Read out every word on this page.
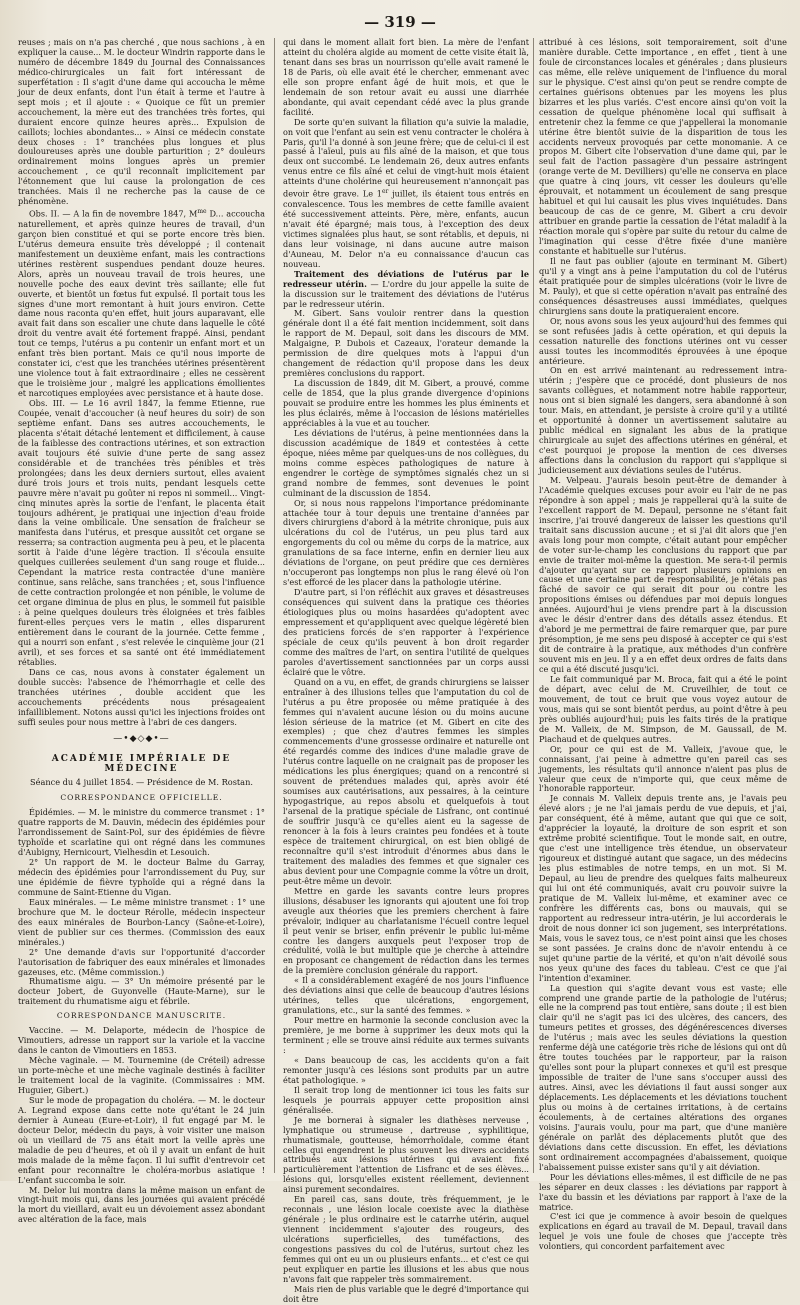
— 319 —

reuses ; mais on n'a pas cherché , que nous sachions , à en expliquer la cause... M. le docteur Windrin rapporte dans le numéro de décembre 1849 du Journal des Connaissances médico-chirurgicales un fait fort intéressant de superfétation : Il s'agit d'une dame qui accoucha le même jour de deux enfants, dont l'un était à terme et l'autre à sept mois ; et il ajoute : « Quoique ce fût un premier accouchement, la mère eut des tranchées très fortes, qui duraient encore quinze heures après... Expulsion de caillots; lochies abondantes... » Ainsi ce médecin constate deux choses : 1° tranchées plus longues et plus douloureuses après une double parturition ; 2° douleurs ordinairement moins longues après un premier accouchement , ce qu'il reconnaît implicitement par l'étonnement que lui cause la prolongation de ces tranchées. Mais il ne recherche pas la cause de ce phénomène.

Obs. II. — A la fin de novembre 1847, $M^{me}$ D... accoucha naturellement, et après quinze heures de travail, d'un garçon bien constitué et qui se porte encore très bien. L'utérus demeura ensuite très développé ; il contenait manifestement un deuxième enfant, mais les contractions utérines restèrent suspendues pendant douze heures. Alors, après un nouveau travail de trois heures, une nouvelle poche des eaux devint très saillante; elle fut ouverte, et bientôt un fœtus fut expulsé. Il portait tous les signes d'une mort remontant à huit jours environ. Cette dame nous raconta qu'en effet, huit jours auparavant, elle avait fait dans son escalier une chute dans laquelle le côté droit du ventre avait été fortement frappé. Ainsi, pendant tout ce temps, l'utérus a pu contenir un enfant mort et un enfant très bien portant. Mais ce qu'il nous importe de constater ici, c'est que les tranchées utérines présentèrent une violence tout à fait extraordinaire ; elles ne cessèrent que le troisième jour , malgré les applications émollientes et narcotiques employées avec persistance et à haute dose.

Obs. III. — Le 16 avril 1847, la femme Etienne, rue Coupée, venait d'accoucher (à neuf heures du soir) de son septième enfant. Dans ses autres accouchements, le placenta s'était détaché lentement et difficilement, à cause de la faiblesse des contractions utérines, et son extraction avait toujours été suivie d'une perte de sang assez considérable et de tranchées très pénibles et très prolongées; dans les deux derniers surtout, elles avaient duré trois jours et trois nuits, pendant lesquels cette pauvre mère n'avait pu goûter ni repos ni sommeil... Vingt-cinq minutes après la sortie de l'enfant, le placenta était toujours adhérent, je pratiquai une injection d'eau froide dans la veine ombilicale. Une sensation de fraîcheur se manifesta dans l'utérus, et presque aussitôt cet organe se resserra; sa contraction augmenta peu à peu, et le placenta sortit à l'aide d'une légère traction. Il s'écoula ensuite quelques cuillerées seulement d'un sang rouge et fluide... Cependant la matrice resta contractée d'une manière continue, sans relâche, sans tranchées ; et, sous l'influence de cette contraction prolongée et non pénible, le volume de cet organe diminua de plus en plus, le sommeil fut paisible : à peine quelques douleurs très éloignées et très faibles furent-elles perçues vers le matin , elles disparurent entièrement dans le courant de la journée. Cette femme , qui a nourri son enfant , s'est relevée le cinquième jour (21 avril), et ses forces et sa santé ont été immédiatement rétablies.

Dans ce cas, nous avons à constater également un double succès: l'absence de l'hémorrhagie et celle des tranchées utérines , double accident que les accouchements précédents nous présageaient infailliblement. Notons aussi qu'ici les injections froides ont suffi seules pour nous mettre à l'abri de ces dangers.

—•◆◇◆•—
ACADÉMIE IMPÉRIALE DE MÉDECINE
Séance du 4 juillet 1854. — Présidence de M. Rostan.
CORRESPONDANCE OFFICIELLE.

Épidémies. — M. le ministre du commerce transmet : 1° quatre rapports de M. Dauvin, médecin des épidémies pour l'arrondissement de Saint-Pol, sur des épidémies de fièvre typhoïde et scarlatine qui ont régné dans les communes d'Aubigny, Hernicourt, Vielhesdin et Lesouich.

2° Un rapport de M. le docteur Balme du Garray, médecin des épidémies pour l'arrondissement du Puy, sur une épidémie de fièvre typhoïde qui a régné dans la commune de Saint-Etienne du Vigan.

Eaux minérales. — Le même ministre transmet : 1° une brochure que M. le docteur Rérolle, médecin inspecteur des eaux minérales de Bourbon-Lancy (Saône-et-Loire), vient de publier sur ces thermes. (Commission des eaux minérales.)

2° Une demande d'avis sur l'opportunité d'accorder l'autorisation de fabriquer des eaux minérales et limonades gazeuses, etc. (Même commission.)

Rhumatisme aigu. — 3° Un mémoire présenté par le docteur Jobert, de Guyonvelle (Haute-Marne), sur le traitement du rhumatisme aigu et fébrile.

CORRESPONDANCE MANUSCRITE.

Vaccine. — M. Delaporte, médecin de l'hospice de Vimoutiers, adresse un rapport sur la variole et la vaccine dans le canton de Vimoutiers en 1853.

Mèche vaginale. — M. Tournemine (de Créteil) adresse un porte-mèche et une mèche vaginale destinés à faciliter le traitement local de la vaginite. (Commissaires : MM. Huguier, Gibert.)

Sur le mode de propagation du choléra. — M. le docteur A. Legrand expose dans cette note qu'étant le 24 juin dernier à Auneau (Eure-et-Loir), il fut engagé par M. le docteur Delor, médecin du pays, à voir visiter une maison où un vieillard de 75 ans était mort la veille après une maladie de peu d'heures, et où il y avait un enfant de huit mois malade de la même façon. Il lui suffit d'entrevoir cet enfant pour reconnaître le choléra-morbus asiatique ! L'enfant succomba le soir.

M. Delor lui montra dans la même maison un enfant de vingt-huit mois qui, dans les journées qui avaient précédé la mort du vieillard, avait eu un dévoiement assez abondant avec altération de la face, mais

qui dans le moment allait fort bien. La mère de l'enfant atteint du choléra algide au moment de cette visite était là, tenant dans ses bras un nourrisson qu'elle avait ramené le 18 de Paris, où elle avait été le chercher, emmenant avec elle son propre enfant âgé de huit mois, et que le lendemain de son retour avait eu aussi une diarrhée abondante, qui avait cependant cédé avec la plus grande facilité.

De sorte qu'en suivant la filiation qu'a suivie la maladie, on voit que l'enfant au sein est venu contracter le choléra à Paris, qu'il l'a donné à son jeune frère; que de celui-ci il est passé à l'aïeul, puis au fils aîné de la maison, et que tous deux ont succombé. Le lendemain 26, deux autres enfants venus entre ce fils aîné et celui de vingt-huit mois étaient atteints d'une cholérine qui heureusement n'annonçait pas devoir être grave. Le 1er juillet, ils étaient tous entrés en convalescence. Tous les membres de cette famille avaient été successivement atteints. Père, mère, enfants, aucun n'avait été épargné; mais tous, à l'exception des deux victimes signalées plus haut, se sont rétablis, et depuis, ni dans leur voisinage, ni dans aucune autre maison d'Auneau, M. Delor n'a eu connaissance d'aucun cas nouveau.

Traitement des déviations de l'utérus par le redresseur utérin. — L'ordre du jour appelle la suite de la discussion sur le traitement des déviations de l'utérus par le redresseur utérin.

M. Gibert. Sans vouloir rentrer dans la question générale dont il a été fait mention incidemment, soit dans le rapport de M. Depaul, soit dans les discours de MM. Malgaigne, P. Dubois et Cazeaux, l'orateur demande la permission de dire quelques mots à l'appui d'un changement de rédaction qu'il propose dans les deux premières conclusions du rapport.

La discussion de 1849, dit M. Gibert, a prouvé, comme celle de 1854, que la plus grande divergence d'opinions pouvait se produire entre les hommes les plus éminents et les plus éclairés, même à l'occasion de lésions matérielles appréciables à la vue et au toucher.

Les déviations de l'utérus, à peine mentionnées dans la discussion académique de 1849 et contestées à cette époque, niées même par quelques-uns de nos collègues, du moins comme espèces pathologiques de nature à engendrer le cortège de symptômes signalés chez un si grand nombre de femmes, sont devenues le point culminant de la discussion de 1854.

Or, si nous nous rappelons l'importance prédominante attachée tour à tour depuis une trentaine d'années par divers chirurgiens d'abord à la métrite chronique, puis aux ulcérations du col de l'utérus, un peu plus tard aux engorgements du col ou même du corps de la matrice, aux granulations de sa face interne, enfin en dernier lieu aux déviations de l'organe, on peut prédire que ces dernières n'occuperont pas longtemps non plus le rang élevé où l'on s'est efforcé de les placer dans la pathologie utérine.

D'autre part, si l'on réfléchit aux graves et désastreuses conséquences qui suivent dans la pratique ces théories étiologiques plus ou moins hasardées qu'adoptent avec empressement et qu'appliquent avec quelque légèreté bien des praticiens forcés de s'en rapporter à l'expérience spéciale de ceux qu'ils peuvent à bon droit regarder comme des maîtres de l'art, on sentira l'utilité de quelques paroles d'avertissement sanctionnées par un corps aussi éclairé que le vôtre.

Quand on a vu, en effet, de grands chirurgiens se laisser entraîner à des illusions telles que l'amputation du col de l'utérus a pu être proposée ou même pratiquée à des femmes qui n'avaient aucune lésion ou du moins aucune lésion sérieuse de la matrice (et M. Gibert en cite des exemples) ; que chez d'autres femmes les simples commencements d'une grossesse ordinaire et naturelle ont été regardés comme des indices d'une maladie grave de l'utérus contre laquelle on ne craignait pas de proposer les médications les plus énergiques; quand on a rencontré si souvent de prétendues malades qui, après avoir été soumises aux cautérisations, aux pessaires, à la ceinture hypogastrique, au repos absolu et quelquefois à tout l'arsenal de la pratique spéciale de Lisfranc, ont continué de souffrir jusqu'à ce qu'elles aient eu la sagesse de renoncer à la fois à leurs craintes peu fondées et à toute espèce de traitement chirurgical, on est bien obligé de reconnaître qu'il s'est introduit d'énormes abus dans le traitement des maladies des femmes et que signaler ces abus devient pour une Compagnie comme la vôtre un droit, peut-être même un devoir.

Mettre en garde les savants contre leurs propres illusions, désabuser les ignorants qui ajoutent une foi trop aveugle aux théories que les premiers cherchent à faire prévaloir, indiquer au charlatanisme l'écueil contre lequel il peut venir se briser, enfin prévenir le public lui-même contre les dangers auxquels peut l'exposer trop de crédulité, voilà le but multiple que je cherche à atteindre en proposant ce changement de rédaction dans les termes de la première conclusion générale du rapport.

« Il a considérablement exagéré de nos jours l'influence des déviations ainsi que celle de beaucoup d'autres lésions utérines, telles que ulcérations, engorgement, granulations, etc., sur la santé des femmes. »

Pour mettre en harmonie la seconde conclusion avec la première, je me borne à supprimer les deux mots qui la terminent ; elle se trouve ainsi réduite aux termes suivants :

« Dans beaucoup de cas, les accidents qu'on a fait remonter jusqu'à ces lésions sont produits par un autre état pathologique. »

Il serait trop long de mentionner ici tous les faits sur lesquels je pourrais appuyer cette proposition ainsi généralisée.

Je me bornerai à signaler les diathèses nerveuse , lymphatique ou strumeuse , dartreuse , syphilitique, rhumatismale, goutteuse, hémorrhoïdale, comme étant celles qui engendrent le plus souvent les divers accidents attribués aux lésions utérines qui avaient fixé particulièrement l'attention de Lisfranc et de ses élèves... lésions qui, lorsqu'elles existent réellement, deviennent ainsi purement secondaires.

En pareil cas, sans doute, très fréquemment, je le reconnais , une lésion locale coexiste avec la diathèse générale ; le plus ordinaire est le catarrhe utérin, auquel viennent incidemment s'ajouter des rougeurs, des ulcérations superficielles, des tuméfactions, des congestions passives du col de l'utérus, surtout chez les femmes qui ont eu un ou plusieurs enfants... et c'est ce qui peut expliquer en partie les illusions et les abus que nous n'avons fait que rappeler très sommairement.

Mais rien de plus variable que le degré d'importance qui doit être

attribué à ces lésions, soit temporairement, soit d'une manière durable. Cette importance , en effet , tient à une foule de circonstances locales et générales ; dans plusieurs cas même, elle relève uniquement de l'influence du moral sur le physique. C'est ainsi qu'on peut se rendre compte de certaines guérisons obtenues par les moyens les plus bizarres et les plus variés. C'est encore ainsi qu'on voit la cessation de quelque phénomène local qui suffisait à entretenir chez la femme ce que j'appellerai la monomanie utérine être bientôt suivie de la disparition de tous les accidents nerveux provoqués par cette monomanie. A ce propos M. Gibert cite l'observation d'une dame qui, par le seul fait de l'action passagère d'un pessaire astringent (orange verte de M. Devilliers) qu'elle ne conserva en place que quatre à cinq jours, vit cesser les douleurs qu'elle éprouvait, et notamment un écoulement de sang presque habituel et qui lui causait les plus vives inquiétudes. Dans beaucoup de cas de ce genre, M. Gibert a cru devoir attribuer en grande partie la cessation de l'état maladif à la réaction morale qui s'opère par suite du retour du calme de l'imagination qui cesse d'être fixée d'une manière constante et habituelle sur l'utérus.

Il ne faut pas oublier (ajoute en terminant M. Gibert) qu'il y a vingt ans à peine l'amputation du col de l'utérus était pratiquée pour de simples ulcérations (voir le livre de M. Pauly), et que si cette opération n'avait pas entraîné des conséquences désastreuses aussi immédiates, quelques chirurgiens sans doute la pratiqueraient encore.

Or, nous avons sous les yeux aujourd'hui des femmes qui se sont refusées jadis à cette opération, et qui depuis la cessation naturelle des fonctions utérines ont vu cesser aussi toutes les incommodités éprouvées à une époque antérieure.

On en est arrivé maintenant au redressement intra-utérin ; j'espère que ce procédé, dont plusieurs de nos savants collègues, et notamment notre habile rapporteur, nous ont si bien signalé les dangers, sera abandonné à son tour. Mais, en attendant, je persiste à croire qu'il y a utilité et opportunité à donner un avertissement salutaire au public médical en signalant les abus de la pratique chirurgicale au sujet des affections utérines en général, et c'est pourquoi je propose la mention de ces diverses affections dans la conclusion du rapport qui s'applique si judicieusement aux déviations seules de l'utérus.

M. Velpeau. J'aurais besoin peut-être de demander à l'Académie quelques excuses pour avoir eu l'air de ne pas répondre à son appel ; mais je rappellerai qu'à la suite de l'excellent rapport de M. Depaul, personne ne s'étant fait inscrire, j'ai trouvé dangereux de laisser les questions qu'il traitait sans discussion aucune ; et si j'ai dit alors que j'en avais long pour mon compte, c'était autant pour empêcher de voter sur-le-champ les conclusions du rapport que par envie de traiter moi-même la question. Me sera-t-il permis d'ajouter qu'ayant sur ce rapport plusieurs opinions en cause et une certaine part de responsabilité, je n'étais pas fâché de savoir ce qui serait dit pour ou contre les propositions émises ou défendues par moi depuis longues années. Aujourd'hui je viens prendre part à la discussion avec le désir d'entrer dans des détails assez étendus. Et d'abord je me permettrai de faire remarquer que, par pure présomption, je me sens peu disposé à accepter ce qui s'est dit de contraire à la pratique, aux méthodes d'un confrère souvent mis en jeu. Il y a en effet deux ordres de faits dans ce qui a été discuté jusqu'ici.

Le fait communiqué par M. Broca, fait qui a été le point de départ, avec celui de M. Cruveilhier, de tout ce mouvement, de tout ce bruit que vous voyez autour de vous, mais qui se sont bientôt perdus, au point d'être à peu près oubliés aujourd'hui; puis les faits tirés de la pratique de M. Valleix, de M. Simpson, de M. Gaussail, de M. Piachaud et de quelques autres.

Or, pour ce qui est de M. Valleix, j'avoue que, le connaissant, j'ai peine à admettre qu'en pareil cas ses jugements, les résultats qu'il annonce n'aient pas plus de valeur que ceux de n'importe qui, que ceux même de l'honorable rapporteur.

Je connais M. Valleix depuis trente ans, je l'avais peu élevé alors ; je ne l'ai jamais perdu de vue depuis, et j'ai, par conséquent, été à même, autant que qui que ce soit, d'apprécier la loyauté, la droiture de son esprit et son extrême probité scientifique. Tout le monde sait, en outre, que c'est une intelligence très étendue, un observateur rigoureux et distingué autant que sagace, un des médecins les plus estimables de notre temps, en un mot. Si M. Depaul, au lieu de prendre des quelques faits malheureux qui lui ont été communiqués, avait cru pouvoir suivre la pratique de M. Valleix lui-même, et examiner avec ce confrère les différents cas, bons ou mauvais, qui se rapportent au redresseur intra-utérin, je lui accorderais le droit de nous donner ici son jugement, ses interprétations. Mais, vous le savez tous, ce n'est point ainsi que les choses se sont passées. Je crains donc de n'avoir entendu à ce sujet qu'une partie de la vérité, et qu'on n'ait dévoilé sous nos yeux qu'une des faces du tableau. C'est ce que j'ai l'intention d'examiner.

La question qui s'agite devant vous est vaste; elle comprend une grande partie de la pathologie de l'utérus; elle ne la comprend pas tout entière, sans doute ; il est bien clair qu'il ne s'agit pas ici des ulcères, des cancers, des tumeurs petites et grosses, des dégénérescences diverses de l'utérus ; mais avec les seules déviations la question renferme déjà une catégorie très riche de lésions qui ont dû être toutes touchées par le rapporteur, par la raison qu'elles sont pour la plupart connexes et qu'il est presque impossible de traiter de l'une sans s'occuper aussi des autres. Ainsi, avec les déviations il faut aussi songer aux déplacements. Les déplacements et les déviations touchent plus ou moins à de certaines irritations, à de certains écoulements, à de certaines altérations des organes voisins. J'aurais voulu, pour ma part, que d'une manière générale on parlât des déplacements plutôt que des déviations dans cette discussion. En effet, les déviations sont ordinairement accompagnées d'abaissement, quoique l'abaissement puisse exister sans qu'il y ait déviation.

Pour les déviations elles-mêmes, il est difficile de ne pas les séparer en deux classes : les déviations par rapport à l'axe du bassin et les déviations par rapport à l'axe de la matrice.

C'est ici que je commence à avoir besoin de quelques explications en égard au travail de M. Depaul, travail dans lequel je vois une foule de choses que j'accepte très volontiers, qui concordent parfaitement avec
